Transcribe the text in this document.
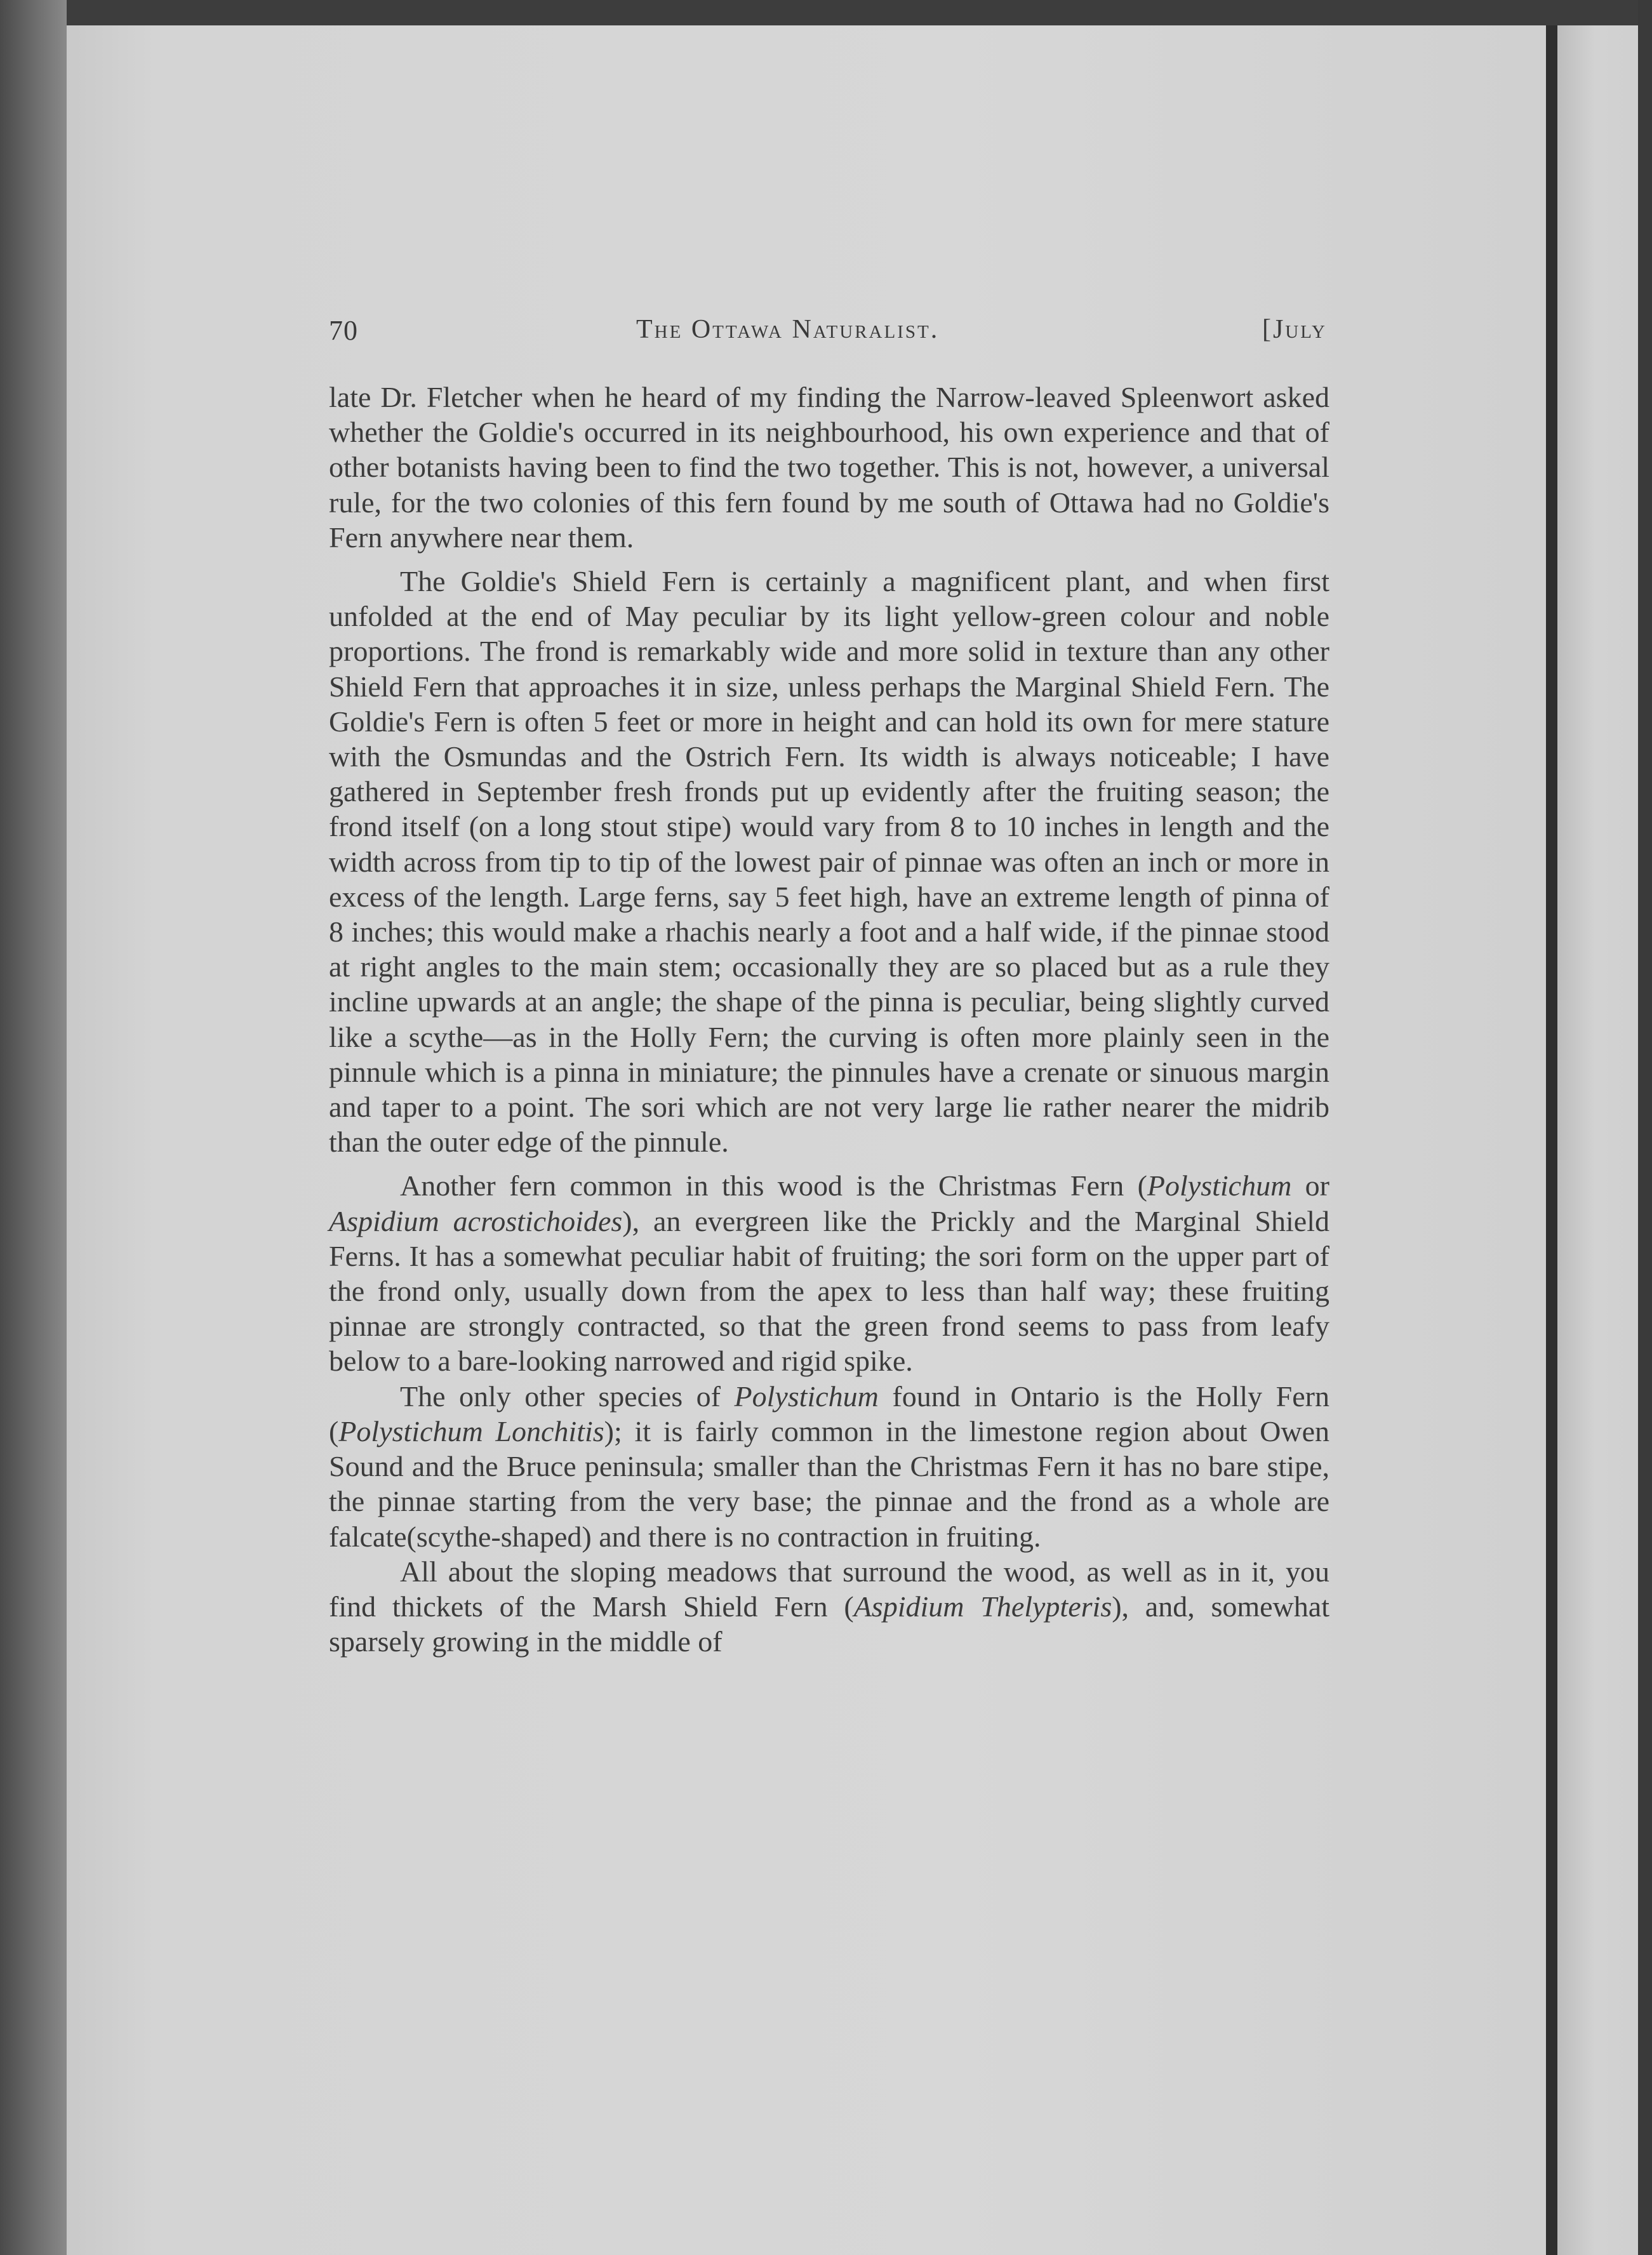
70	The Ottawa Naturalist.	[July

late Dr. Fletcher when he heard of my finding the Narrow-leaved Spleenwort asked whether the Goldie's occurred in its neighbourhood, his own experience and that of other botanists having been to find the two together. This is not, however, a universal rule, for the two colonies of this fern found by me south of Ottawa had no Goldie's Fern anywhere near them.

The Goldie's Shield Fern is certainly a magnificent plant, and when first unfolded at the end of May peculiar by its light yellow-green colour and noble proportions. The frond is remarkably wide and more solid in texture than any other Shield Fern that approaches it in size, unless perhaps the Marginal Shield Fern. The Goldie's Fern is often 5 feet or more in height and can hold its own for mere stature with the Osmundas and the Ostrich Fern. Its width is always noticeable; I have gathered in September fresh fronds put up evidently after the fruiting season; the frond itself (on a long stout stipe) would vary from 8 to 10 inches in length and the width across from tip to tip of the lowest pair of pinnae was often an inch or more in excess of the length. Large ferns, say 5 feet high, have an extreme length of pinna of 8 inches; this would make a rhachis nearly a foot and a half wide, if the pinnae stood at right angles to the main stem; occasionally they are so placed but as a rule they incline upwards at an angle; the shape of the pinna is peculiar, being slightly curved like a scythe—as in the Holly Fern; the curving is often more plainly seen in the pinnule which is a pinna in miniature; the pinnules have a crenate or sinuous margin and taper to a point. The sori which are not very large lie rather nearer the midrib than the outer edge of the pinnule.

Another fern common in this wood is the Christmas Fern (Polystichum or Aspidium acrostichoides), an evergreen like the Prickly and the Marginal Shield Ferns. It has a somewhat peculiar habit of fruiting; the sori form on the upper part of the frond only, usually down from the apex to less than half way; these fruiting pinnae are strongly contracted, so that the green frond seems to pass from leafy below to a bare-looking narrowed and rigid spike.

The only other species of Polystichum found in Ontario is the Holly Fern (Polystichum Lonchitis); it is fairly common in the limestone region about Owen Sound and the Bruce peninsula; smaller than the Christmas Fern it has no bare stipe, the pinnae starting from the very base; the pinnae and the frond as a whole are falcate(scythe-shaped) and there is no contraction in fruiting.

All about the sloping meadows that surround the wood, as well as in it, you find thickets of the Marsh Shield Fern (Aspidium Thelypteris), and, somewhat sparsely growing in the middle of
